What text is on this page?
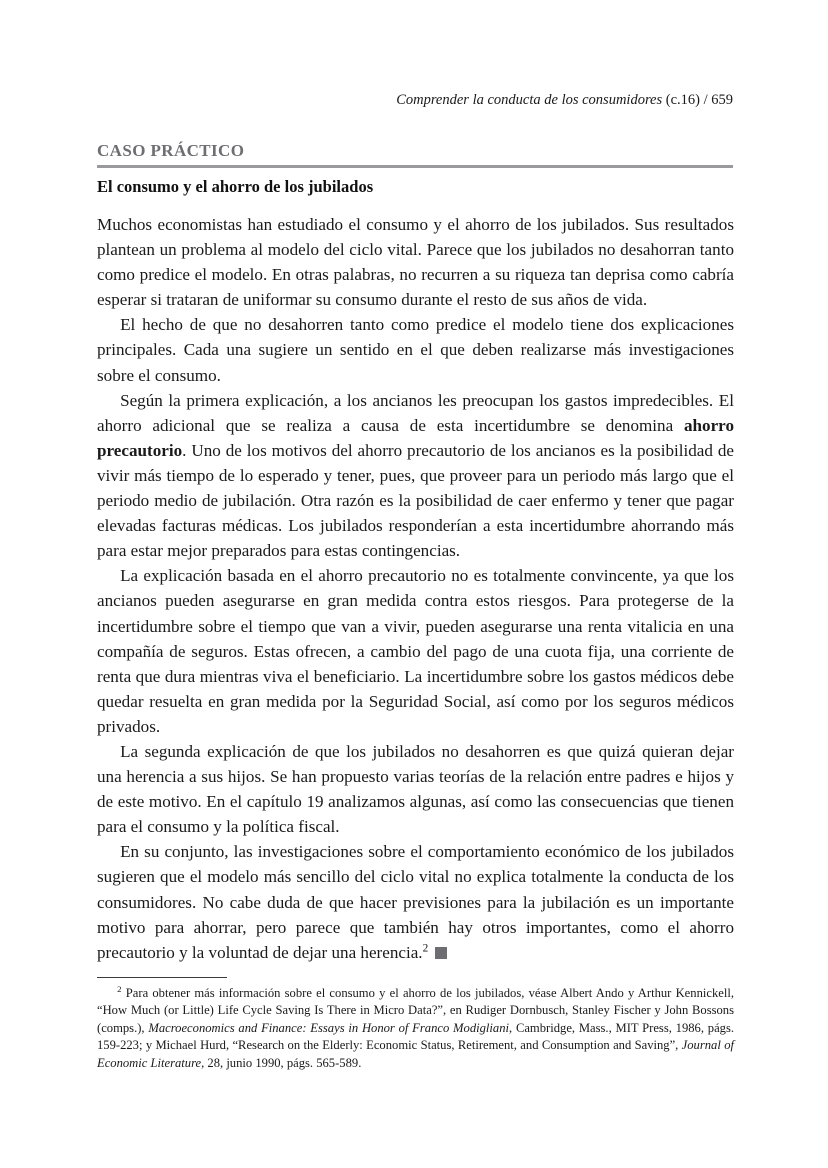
Comprender la conducta de los consumidores (c.16) / 659
CASO PRÁCTICO
El consumo y el ahorro de los jubilados

Muchos economistas han estudiado el consumo y el ahorro de los jubilados. Sus resultados plantean un problema al modelo del ciclo vital. Parece que los jubilados no desahorran tanto como predice el modelo. En otras palabras, no recurren a su riqueza tan deprisa como cabría esperar si trataran de uniformar su consumo durante el resto de sus años de vida.

El hecho de que no desahorren tanto como predice el modelo tiene dos explicaciones principales. Cada una sugiere un sentido en el que deben realizarse más investigaciones sobre el consumo.

Según la primera explicación, a los ancianos les preocupan los gastos impredecibles. El ahorro adicional que se realiza a causa de esta incertidumbre se denomina ahorro precautorio. Uno de los motivos del ahorro precautorio de los ancianos es la posibilidad de vivir más tiempo de lo esperado y tener, pues, que proveer para un periodo más largo que el periodo medio de jubilación. Otra razón es la posibilidad de caer enfermo y tener que pagar elevadas facturas médicas. Los jubilados responderían a esta incertidumbre ahorrando más para estar mejor preparados para estas contingencias.

La explicación basada en el ahorro precautorio no es totalmente convincente, ya que los ancianos pueden asegurarse en gran medida contra estos riesgos. Para protegerse de la incertidumbre sobre el tiempo que van a vivir, pueden asegurarse una renta vitalicia en una compañía de seguros. Estas ofrecen, a cambio del pago de una cuota fija, una corriente de renta que dura mientras viva el beneficiario. La incertidumbre sobre los gastos médicos debe quedar resuelta en gran medida por la Seguridad Social, así como por los seguros médicos privados.

La segunda explicación de que los jubilados no desahorren es que quizá quieran dejar una herencia a sus hijos. Se han propuesto varias teorías de la relación entre padres e hijos y de este motivo. En el capítulo 19 analizamos algunas, así como las consecuencias que tienen para el consumo y la política fiscal.

En su conjunto, las investigaciones sobre el comportamiento económico de los jubilados sugieren que el modelo más sencillo del ciclo vital no explica totalmente la conducta de los consumidores. No cabe duda de que hacer previsiones para la jubilación es un importante motivo para ahorrar, pero parece que también hay otros importantes, como el ahorro precautorio y la voluntad de dejar una herencia.$^2$

$^2$ Para obtener más información sobre el consumo y el ahorro de los jubilados, véase Albert Ando y Arthur Kennickell, “How Much (or Little) Life Cycle Saving Is There in Micro Data?”, en Rudiger Dornbusch, Stanley Fischer y John Bossons (comps.), Macroeconomics and Finance: Essays in Honor of Franco Modigliani, Cambridge, Mass., MIT Press, 1986, págs. 159-223; y Michael Hurd, “Research on the Elderly: Economic Status, Retirement, and Consumption and Saving”, Journal of Economic Literature, 28, junio 1990, págs. 565-589.
